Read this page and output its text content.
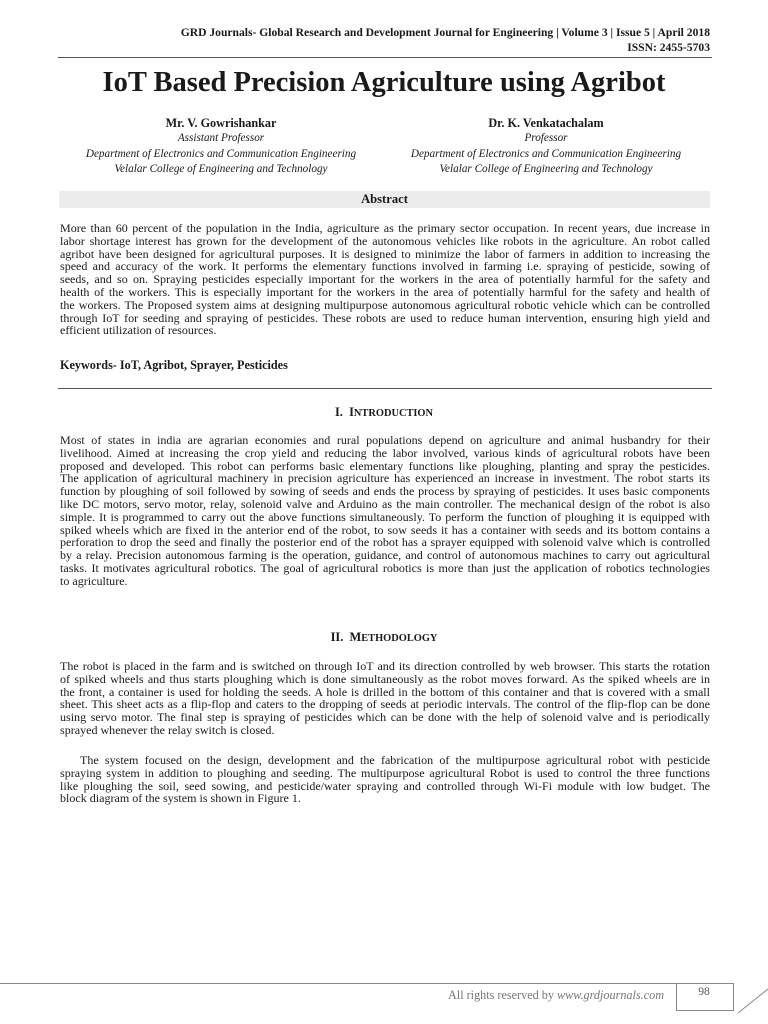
GRD Journals- Global Research and Development Journal for Engineering | Volume 3 | Issue 5 | April 2018
ISSN: 2455-5703
IoT Based Precision Agriculture using Agribot
Mr. V. Gowrishankar
Assistant Professor
Department of Electronics and Communication Engineering
Velalar College of Engineering and Technology
Dr. K. Venkatachalam
Professor
Department of Electronics and Communication Engineering
Velalar College of Engineering and Technology
Abstract
More than 60 percent of the population in the India, agriculture as the primary sector occupation. In recent years, due increase in
labor shortage interest has grown for the development of the autonomous vehicles like robots in the agriculture. An robot called
agribot have been designed for agricultural purposes. It is designed to minimize the labor of farmers in addition to increasing the
speed and accuracy of the work. It performs the elementary functions involved in farming i.e. spraying of pesticide, sowing of
seeds, and so on. Spraying pesticides especially important for the workers in the area of potentially harmful for the safety and
health of the workers. This is especially important for the workers in the area of potentially harmful for the safety and health of
the workers. The Proposed system aims at designing multipurpose autonomous agricultural robotic vehicle which can be controlled
through IoT for seeding and spraying of pesticides. These robots are used to reduce human intervention, ensuring high yield and
efficient utilization of resources.
Keywords- IoT, Agribot, Sprayer, Pesticides
I. INTRODUCTION
Most of states in india are agrarian economies and rural populations depend on agriculture and animal husbandry for their
livelihood. Aimed at increasing the crop yield and reducing the labor involved, various kinds of agricultural robots have been
proposed and developed. This robot can performs basic elementary functions like ploughing, planting and spray the pesticides.
The application of agricultural machinery in precision agriculture has experienced an increase in investment. The robot starts its
function by ploughing of soil followed by sowing of seeds and ends the process by spraying of pesticides. It uses basic components
like DC motors, servo motor, relay, solenoid valve and Arduino as the main controller. The mechanical design of the robot is also
simple. It is programmed to carry out the above functions simultaneously. To perform the function of ploughing it is equipped with
spiked wheels which are fixed in the anterior end of the robot, to sow seeds it has a container with seeds and its bottom contains a
perforation to drop the seed and finally the posterior end of the robot has a sprayer equipped with solenoid valve which is controlled
by a relay. Precision autonomous farming is the operation, guidance, and control of autonomous machines to carry out agricultural
tasks. It motivates agricultural robotics. The goal of agricultural robotics is more than just the application of robotics technologies
to agriculture.
II. METHODOLOGY
The robot is placed in the farm and is switched on through IoT and its direction controlled by web browser. This starts the rotation
of spiked wheels and thus starts ploughing which is done simultaneously as the robot moves forward. As the spiked wheels are in
the front, a container is used for holding the seeds. A hole is drilled in the bottom of this container and that is covered with a small
sheet. This sheet acts as a flip-flop and caters to the dropping of seeds at periodic intervals. The control of the flip-flop can be done
using servo motor. The final step is spraying of pesticides which can be done with the help of solenoid valve and is periodically
sprayed whenever the relay switch is closed.
The system focused on the design, development and the fabrication of the multipurpose agricultural robot with pesticide
spraying system in addition to ploughing and seeding. The multipurpose agricultural Robot is used to control the three functions
like ploughing the soil, seed sowing, and pesticide/water spraying and controlled through Wi-Fi module with low budget. The
block diagram of the system is shown in Figure 1.
All rights reserved by www.grdjournals.com	98
